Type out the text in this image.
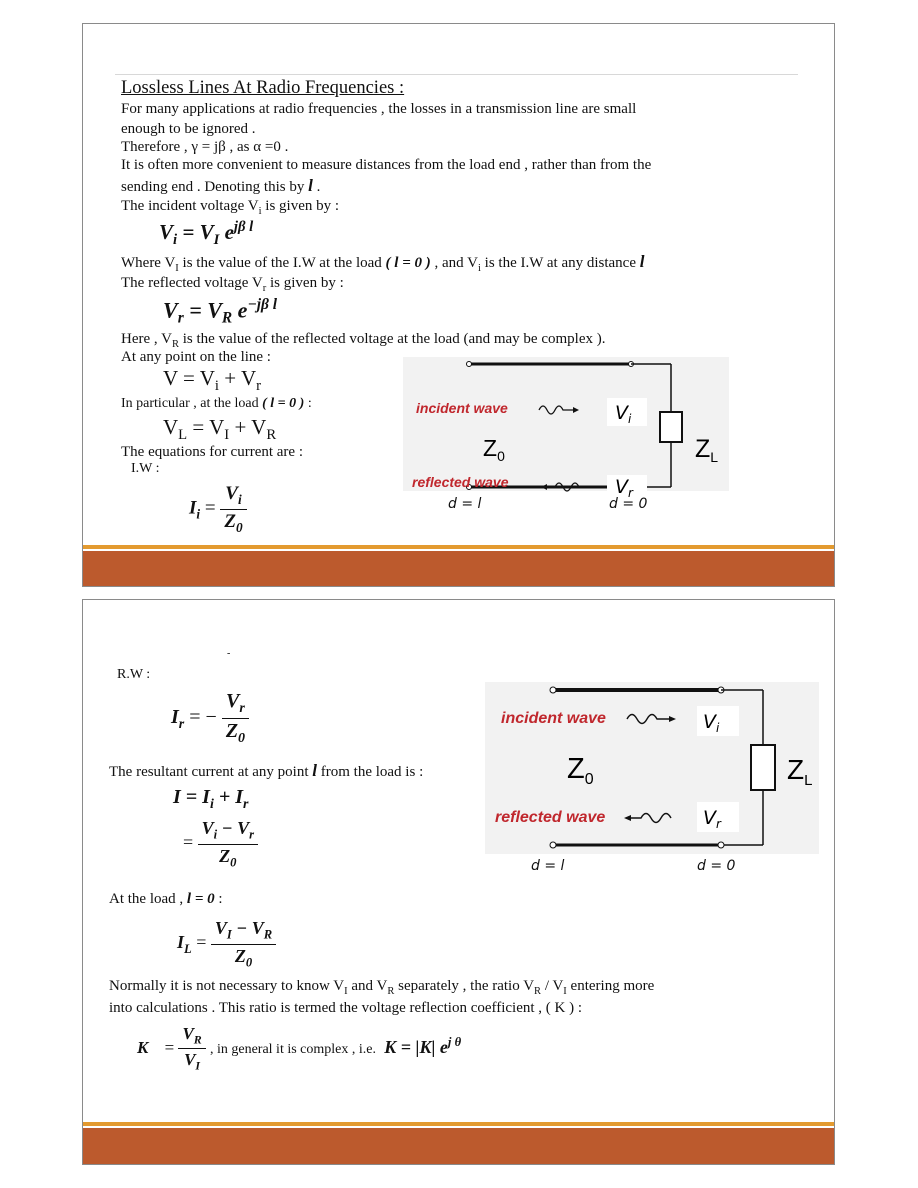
Lossless Lines At Radio Frequencies :
For many applications at radio frequencies , the losses in a transmission line are small
enough to be ignored .
Therefore , γ = jβ , as α =0 .
It is often more convenient to measure distances from the load end , rather than from the
sending end . Denoting this by l .
The incident voltage $V_i$ is given by :
$V_i = V_I$ $e^{j\beta l}$
Where $V_I$ is the value of the I.W at the load ( l = 0 ) , and $V_i$ is the I.W at any distance l
The reflected voltage $V_r$ is given by :
$V_r = V_R$ $e^{-j\beta l}$
Here , $V_R$ is the value of the reflected voltage at the load (and may be complex ).
At any point on the line :
$V = V_i + V_r$
In particular , at the load ( l = 0 ) :
$V_L = V_I + V_R$
The equations for current are :
I.W :
$I_i = \frac{V_i}{Z_0}$
incident wave	$V_i$
$Z_0$	$Z_L$
reflected wave	$V_r$
d = l	d = 0
-
R.W :
$I_r$ = − $\frac{V_r}{Z_0}$
The resultant current at any point l from the load is :
$I = I_i + I_r$
= $\frac{V_i - V_r}{Z_0}$
At the load , l = 0 :
$I_L = \frac{V_I - V_R}{Z_0}$
Normally it is not necessary to know $V_I$ and $V_R$ separately , the ratio $V_R / V_I$ entering more
into calculations . This ratio is termed the voltage reflection coefficient , ( K ) :
$K = \frac{V_R}{V_I}$ , in general it is complex , i.e. K = |K| $e^{j \theta}$
incident wave	$V_i$
$Z_0$	$Z_L$
reflected wave	$V_r$
d = l	d = 0
